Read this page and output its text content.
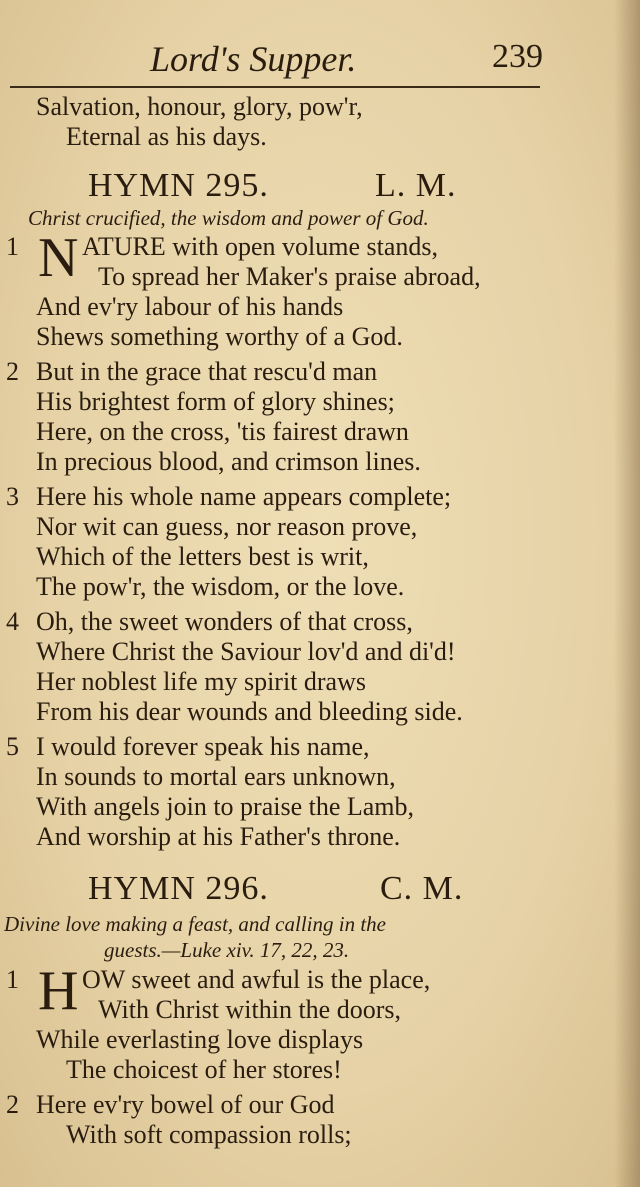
Lord's Supper.	239
Salvation, honour, glory, pow'r,
Eternal as his days.
HYMN 295.	L. M.
Christ crucified, the wisdom and power of God.
1 N ATURE with open volume stands,
To spread her Maker's praise abroad,
And ev'ry labour of his hands
Shews something worthy of a God.
2 But in the grace that rescu'd man
His brightest form of glory shines;
Here, on the cross, 'tis fairest drawn
In precious blood, and crimson lines.
3 Here his whole name appears complete;
Nor wit can guess, nor reason prove,
Which of the letters best is writ,
The pow'r, the wisdom, or the love.
4 Oh, the sweet wonders of that cross,
Where Christ the Saviour lov'd and di'd!
Her noblest life my spirit draws
From his dear wounds and bleeding side.
5 I would forever speak his name,
In sounds to mortal ears unknown,
With angels join to praise the Lamb,
And worship at his Father's throne.
HYMN 296.	C. M.
Divine love making a feast, and calling in the
guests.—Luke xiv. 17, 22, 23.
1 H OW sweet and awful is the place,
With Christ within the doors,
While everlasting love displays
The choicest of her stores!
2 Here ev'ry bowel of our God
With soft compassion rolls;
